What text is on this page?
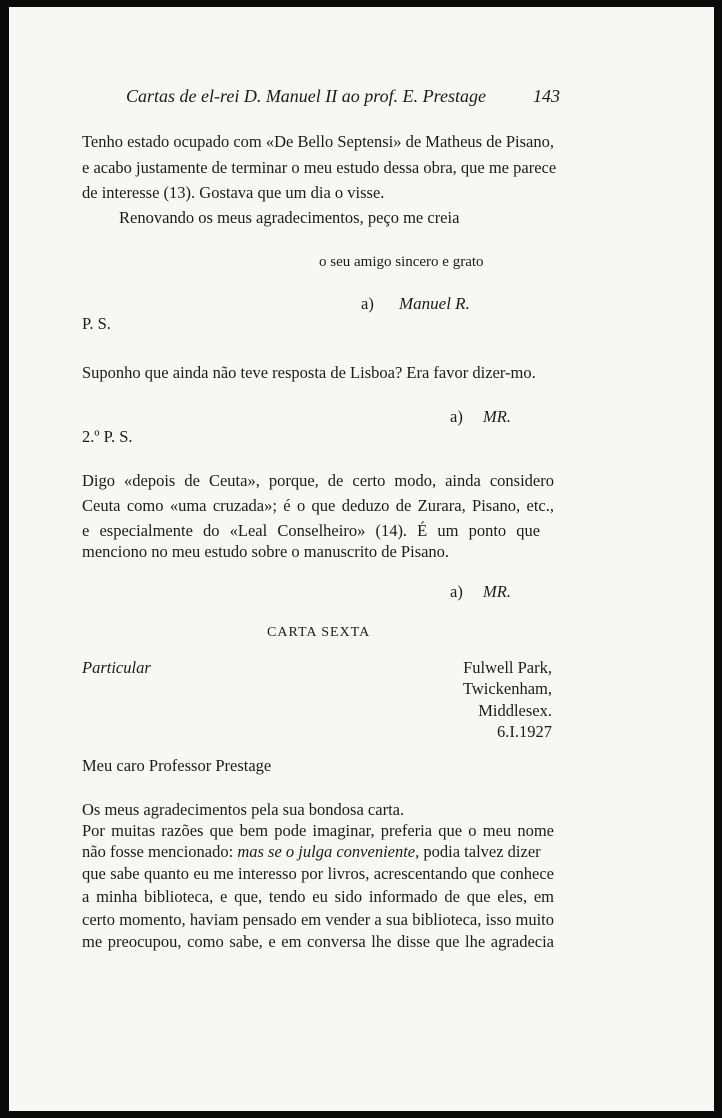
Cartas de el-rei D. Manuel II ao prof. E. Prestage	143
Tenho estado ocupado com «De Bello Septensi» de Matheus de Pisano,
e acabo justamente de terminar o meu estudo dessa obra, que me parece
de interesse (13). Gostava que um dia o visse.
Renovando os meus agradecimentos, peço me creia
o seu amigo sincero e grato
a) Manuel R.
P. S.
Suponho que ainda não teve resposta de Lisboa? Era favor dizer-mo.
a) MR.
2.º P. S.
Digo «depois de Ceuta», porque, de certo modo, ainda considero
Ceuta como «uma cruzada»; é o que deduzo de Zurara, Pisano, etc.,
e especialmente do «Leal Conselheiro» (14). É um ponto que
menciono no meu estudo sobre o manuscrito de Pisano.
a) MR.
CARTA SEXTA
Particular	Fulwell Park,
Twickenham,
Middlesex.
6.I.1927
Meu caro Professor Prestage
Os meus agradecimentos pela sua bondosa carta.
Por muitas razões que bem pode imaginar, preferia que o meu nome
não fosse mencionado: mas se o julga conveniente, podia talvez dizer
que sabe quanto eu me interesso por livros, acrescentando que conhece
a minha biblioteca, e que, tendo eu sido informado de que eles, em
certo momento, haviam pensado em vender a sua biblioteca, isso muito
me preocupou, como sabe, e em conversa lhe disse que lhe agradecia
